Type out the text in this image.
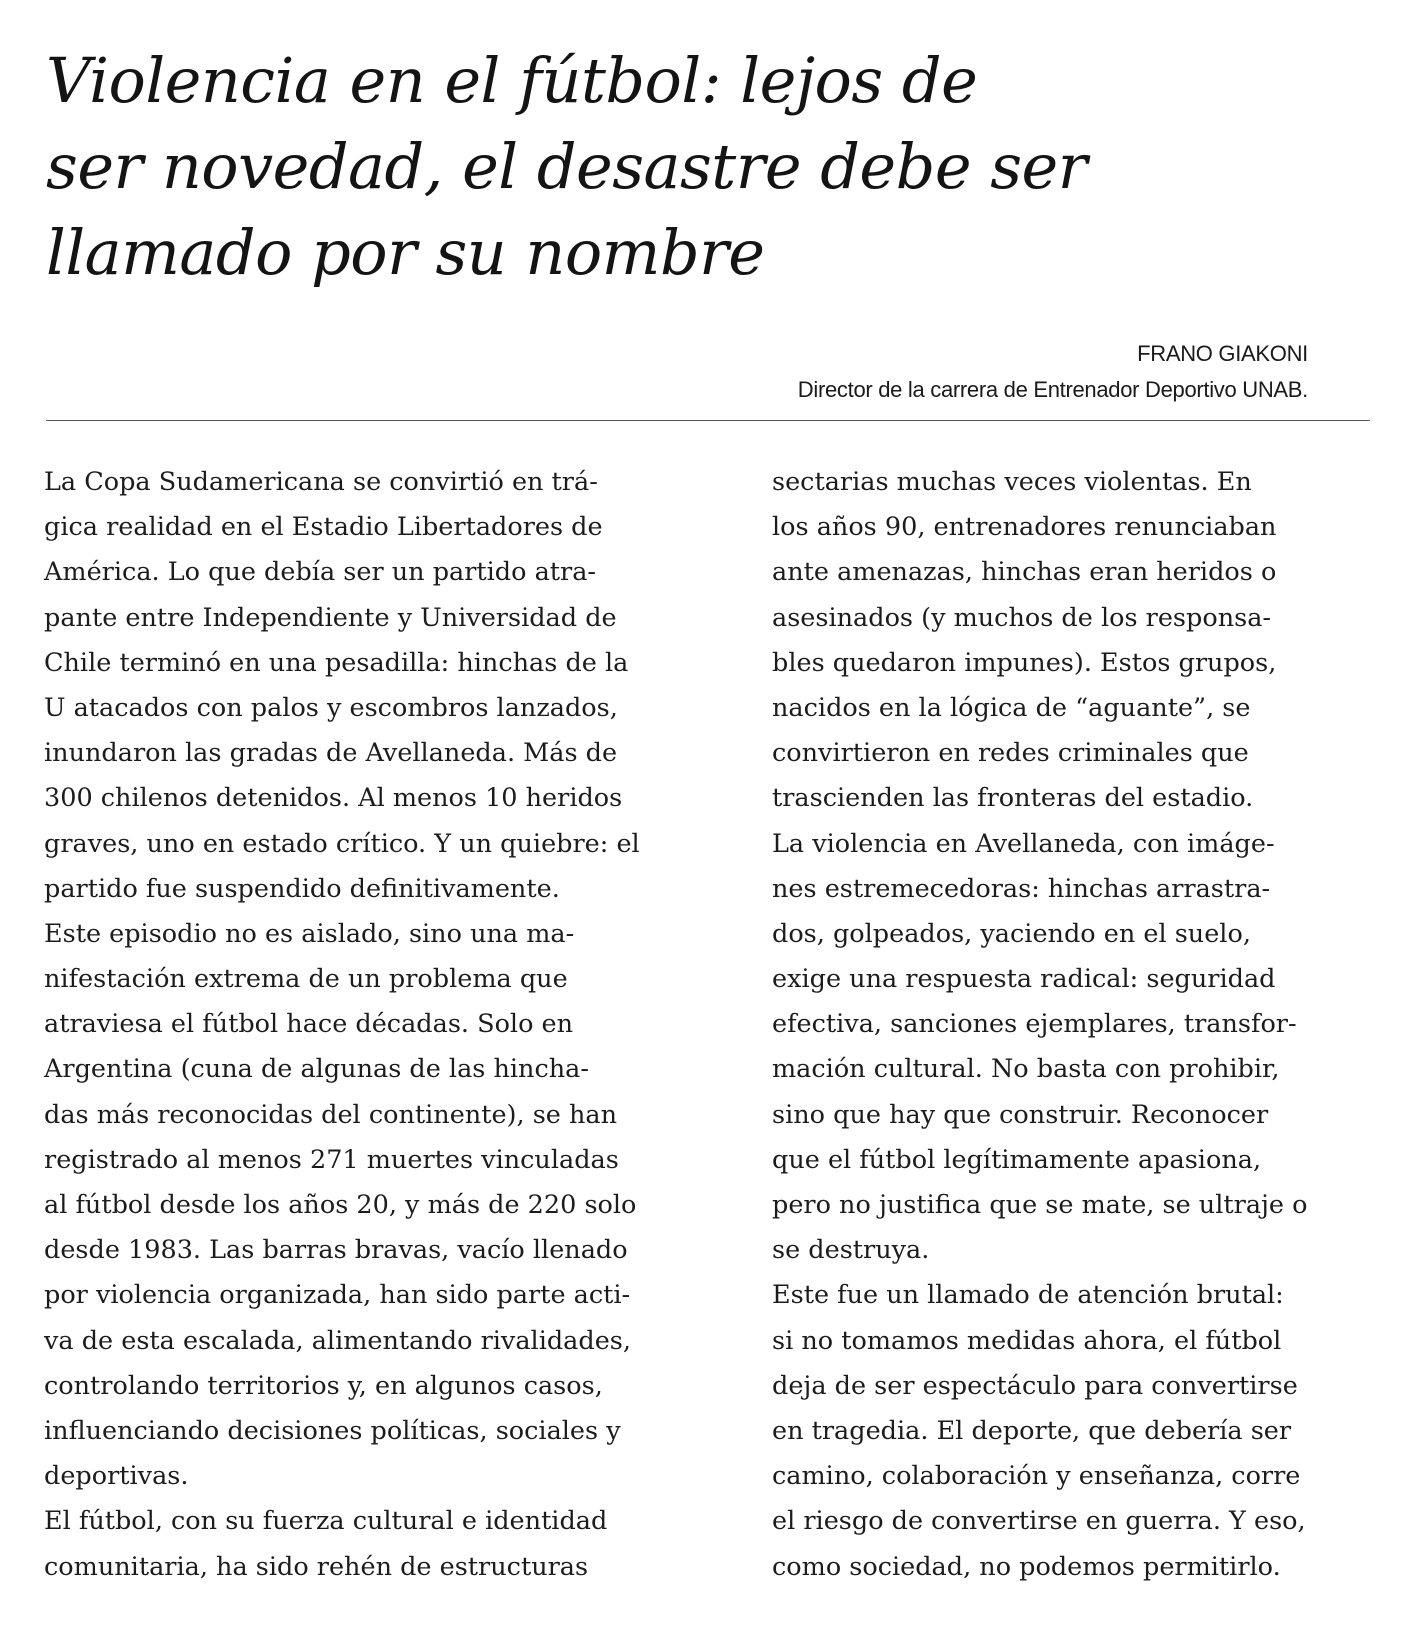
Violencia en el fútbol: lejos de
ser novedad, el desastre debe ser
llamado por su nombre
FRANO GIAKONI
Director de la carrera de Entrenador Deportivo UNAB.
La Copa Sudamericana se convirtió en trá-
gica realidad en el Estadio Libertadores de
América. Lo que debía ser un partido atra-
pante entre Independiente y Universidad de
Chile terminó en una pesadilla: hinchas de la
U atacados con palos y escombros lanzados,
inundaron las gradas de Avellaneda. Más de
300 chilenos detenidos. Al menos 10 heridos
graves, uno en estado crítico. Y un quiebre: el
partido fue suspendido definitivamente.
Este episodio no es aislado, sino una ma-
nifestación extrema de un problema que
atraviesa el fútbol hace décadas. Solo en
Argentina (cuna de algunas de las hincha-
das más reconocidas del continente), se han
registrado al menos 271 muertes vinculadas
al fútbol desde los años 20, y más de 220 solo
desde 1983. Las barras bravas, vacío llenado
por violencia organizada, han sido parte acti-
va de esta escalada, alimentando rivalidades,
controlando territorios y, en algunos casos,
influenciando decisiones políticas, sociales y
deportivas.
El fútbol, con su fuerza cultural e identidad
comunitaria, ha sido rehén de estructuras
sectarias muchas veces violentas. En
los años 90, entrenadores renunciaban
ante amenazas, hinchas eran heridos o
asesinados (y muchos de los responsa-
bles quedaron impunes). Estos grupos,
nacidos en la lógica de “aguante”, se
convirtieron en redes criminales que
trascienden las fronteras del estadio.
La violencia en Avellaneda, con imáge-
nes estremecedoras: hinchas arrastra-
dos, golpeados, yaciendo en el suelo,
exige una respuesta radical: seguridad
efectiva, sanciones ejemplares, transfor-
mación cultural. No basta con prohibir,
sino que hay que construir. Reconocer
que el fútbol legítimamente apasiona,
pero no justifica que se mate, se ultraje o
se destruya.
Este fue un llamado de atención brutal:
si no tomamos medidas ahora, el fútbol
deja de ser espectáculo para convertirse
en tragedia. El deporte, que debería ser
camino, colaboración y enseñanza, corre
el riesgo de convertirse en guerra. Y eso,
como sociedad, no podemos permitirlo.
